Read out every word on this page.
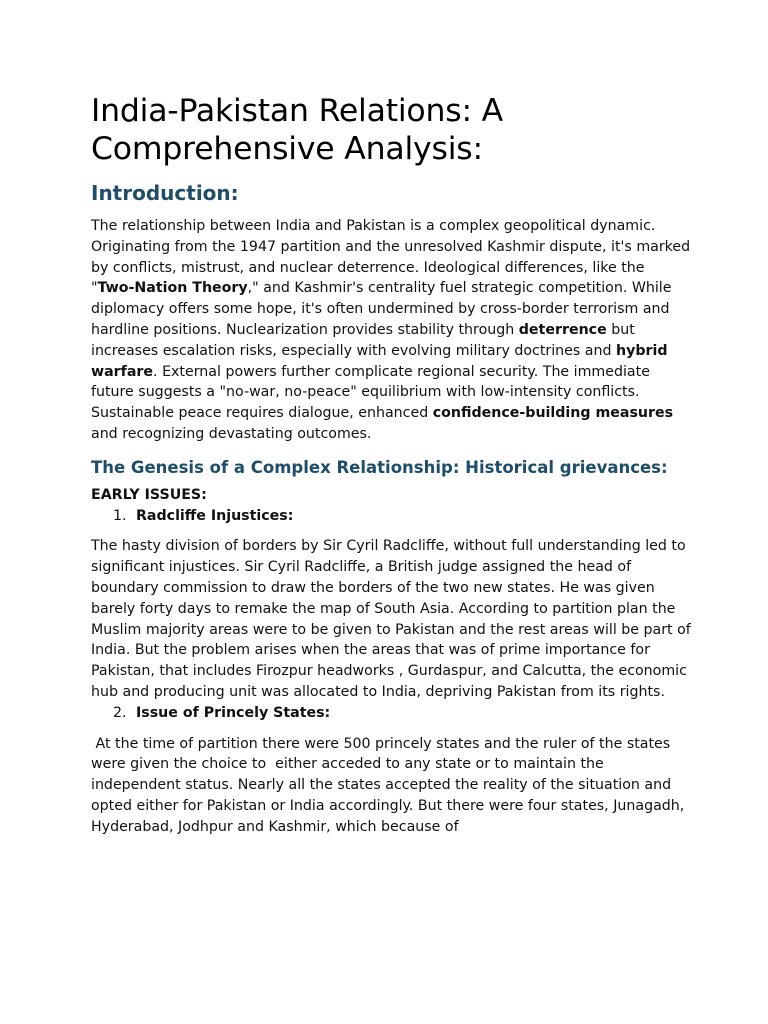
India-Pakistan Relations: A Comprehensive Analysis:
Introduction:

The relationship between India and Pakistan is a complex geopolitical dynamic. Originating from the 1947 partition and the unresolved Kashmir dispute, it's marked by conflicts, mistrust, and nuclear deterrence. Ideological differences, like the "Two-Nation Theory," and Kashmir's centrality fuel strategic competition. While diplomacy offers some hope, it's often undermined by cross-border terrorism and hardline positions. Nuclearization provides stability through deterrence but increases escalation risks, especially with evolving military doctrines and hybrid warfare. External powers further complicate regional security. The immediate future suggests a "no-war, no-peace" equilibrium with low-intensity conflicts. Sustainable peace requires dialogue, enhanced confidence-building measures and recognizing devastating outcomes.

The Genesis of a Complex Relationship: Historical grievances:

EARLY ISSUES:

1. Radcliffe Injustices:

The hasty division of borders by Sir Cyril Radcliffe, without full understanding led to significant injustices. Sir Cyril Radcliffe, a British judge assigned the head of boundary commission to draw the borders of the two new states. He was given barely forty days to remake the map of South Asia. According to partition plan the Muslim majority areas were to be given to Pakistan and the rest areas will be part of India. But the problem arises when the areas that was of prime importance for Pakistan, that includes Firozpur headworks , Gurdaspur, and Calcutta, the economic hub and producing unit was allocated to India, depriving Pakistan from its rights.

2. Issue of Princely States:

At the time of partition there were 500 princely states and the ruler of the states were given the choice to  either acceded to any state or to maintain the independent status. Nearly all the states accepted the reality of the situation and opted either for Pakistan or India accordingly. But there were four states, Junagadh, Hyderabad, Jodhpur and Kashmir, which because of
